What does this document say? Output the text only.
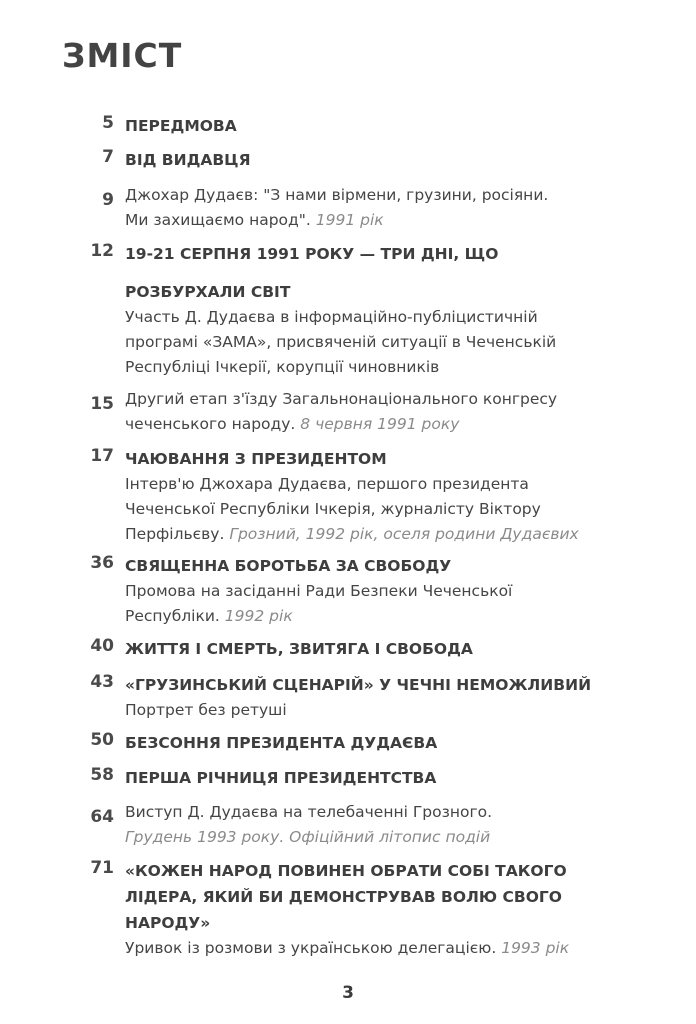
ЗМІСТ
5 ПЕРЕДМОВА
7 ВІД ВИДАВЦЯ
9 Джохар Дудаєв: "З нами вірмени, грузини, росіяни.
Ми захищаємо народ". 1991 рік
12 19-21 СЕРПНЯ 1991 РОКУ — ТРИ ДНІ, ЩО
РОЗБУРХАЛИ СВІТ
Участь Д. Дудаєва в інформаційно-публіцистичній
програмі «ЗАМА», присвяченій ситуації в Чеченській
Республіці Ічкерії, корупції чиновників
15 Другий етап з'їзду Загальнонаціонального конгресу
чеченського народу. 8 червня 1991 року
17 ЧАЮВАННЯ З ПРЕЗИДЕНТОМ
Інтерв'ю Джохара Дудаєва, першого президента
Чеченської Республіки Ічкерія, журналісту Віктору
Перфільєву. Грозний, 1992 рік, оселя родини Дудаєвих
36 СВЯЩЕННА БОРОТЬБА ЗА СВОБОДУ
Промова на засіданні Ради Безпеки Чеченської
Республіки. 1992 рік
40 ЖИТТЯ І СМЕРТЬ, ЗВИТЯГА І СВОБОДА
43 «ГРУЗИНСЬКИЙ СЦЕНАРІЙ» У ЧЕЧНІ НЕМОЖЛИВИЙ
Портрет без ретуші
50 БЕЗСОННЯ ПРЕЗИДЕНТА ДУДАЄВА
58 ПЕРША РІЧНИЦЯ ПРЕЗИДЕНТСТВА
64 Виступ Д. Дудаєва на телебаченні Грозного.
Грудень 1993 року. Офіційний літопис подій
71 «КОЖЕН НАРОД ПОВИНЕН ОБРАТИ СОБІ ТАКОГО
ЛІДЕРА, ЯКИЙ БИ ДЕМОНСТРУВАВ ВОЛЮ СВОГО
НАРОДУ»
Уривок із розмови з українською делегацією. 1993 рік
3
